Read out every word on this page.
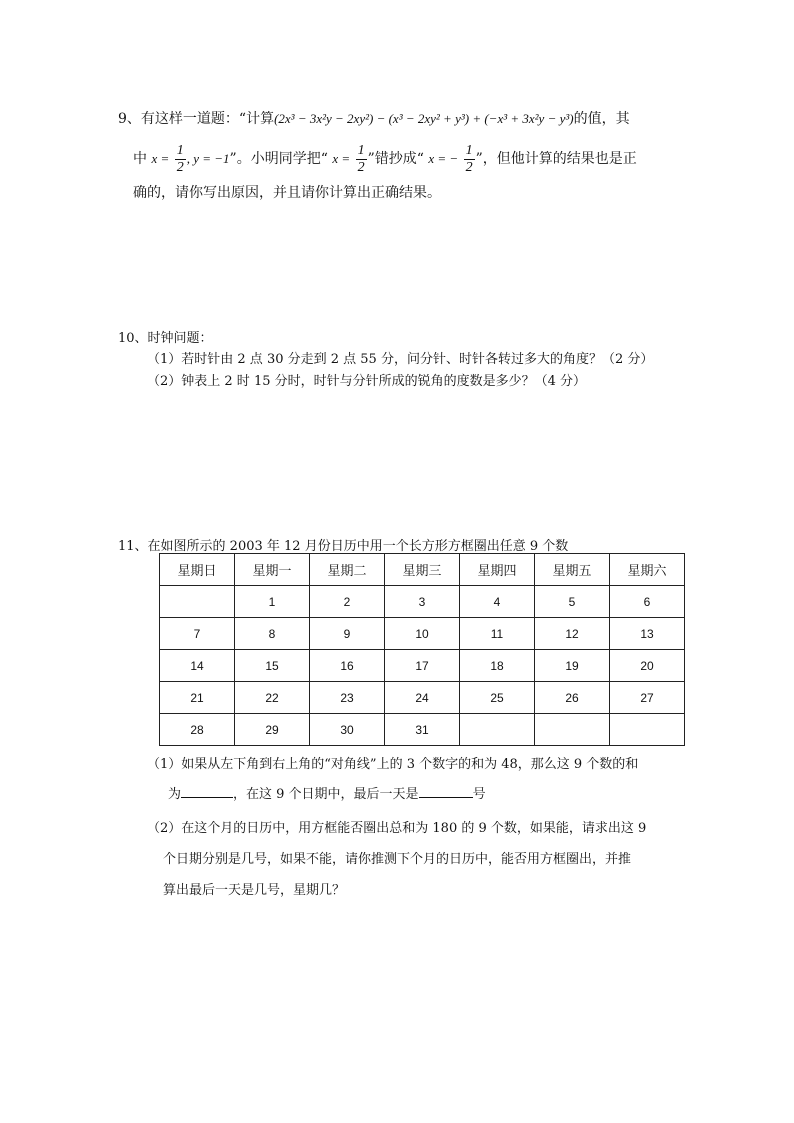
9、有这样一道题：“计算(2x³ − 3x²y − 2xy²) − (x³ − 2xy² + y³) + (−x³ + 3x²y − y³)的值，其
中 $x = \frac{1}{2}$ , y = −1”。小明同学把“ $x = \frac{1}{2}$ ”错抄成“ x = − $\frac{1}{2}$ ”，但他计算的结果也是正
确的，请你写出原因，并且请你计算出正确结果。
10、时钟问题：
（1）若时针由 2 点 30 分走到 2 点 55 分，问分针、时针各转过多大的角度？（2 分）
（2）钟表上 2 时 15 分时，时针与分针所成的锐角的度数是多少？（4 分）
11、在如图所示的 2003 年 12 月份日历中用一个长方形方框圈出任意 9 个数
星期日	星期一	星期二	星期三	星期四	星期五	星期六
	1	2	3	4	5	6
7	8	9	10	11	12	13
14	15	16	17	18	19	20
21	22	23	24	25	26	27
28	29	30	31			
（1）如果从左下角到右上角的“对角线”上的 3 个数字的和为 48，那么这 9 个数的和
为	，在这 9 个日期中，最后一天是	号
（2）在这个月的日历中，用方框能否圈出总和为 180 的 9 个数，如果能，请求出这 9
个日期分别是几号，如果不能，请你推测下个月的日历中，能否用方框圈出，并推
算出最后一天是几号，星期几？
